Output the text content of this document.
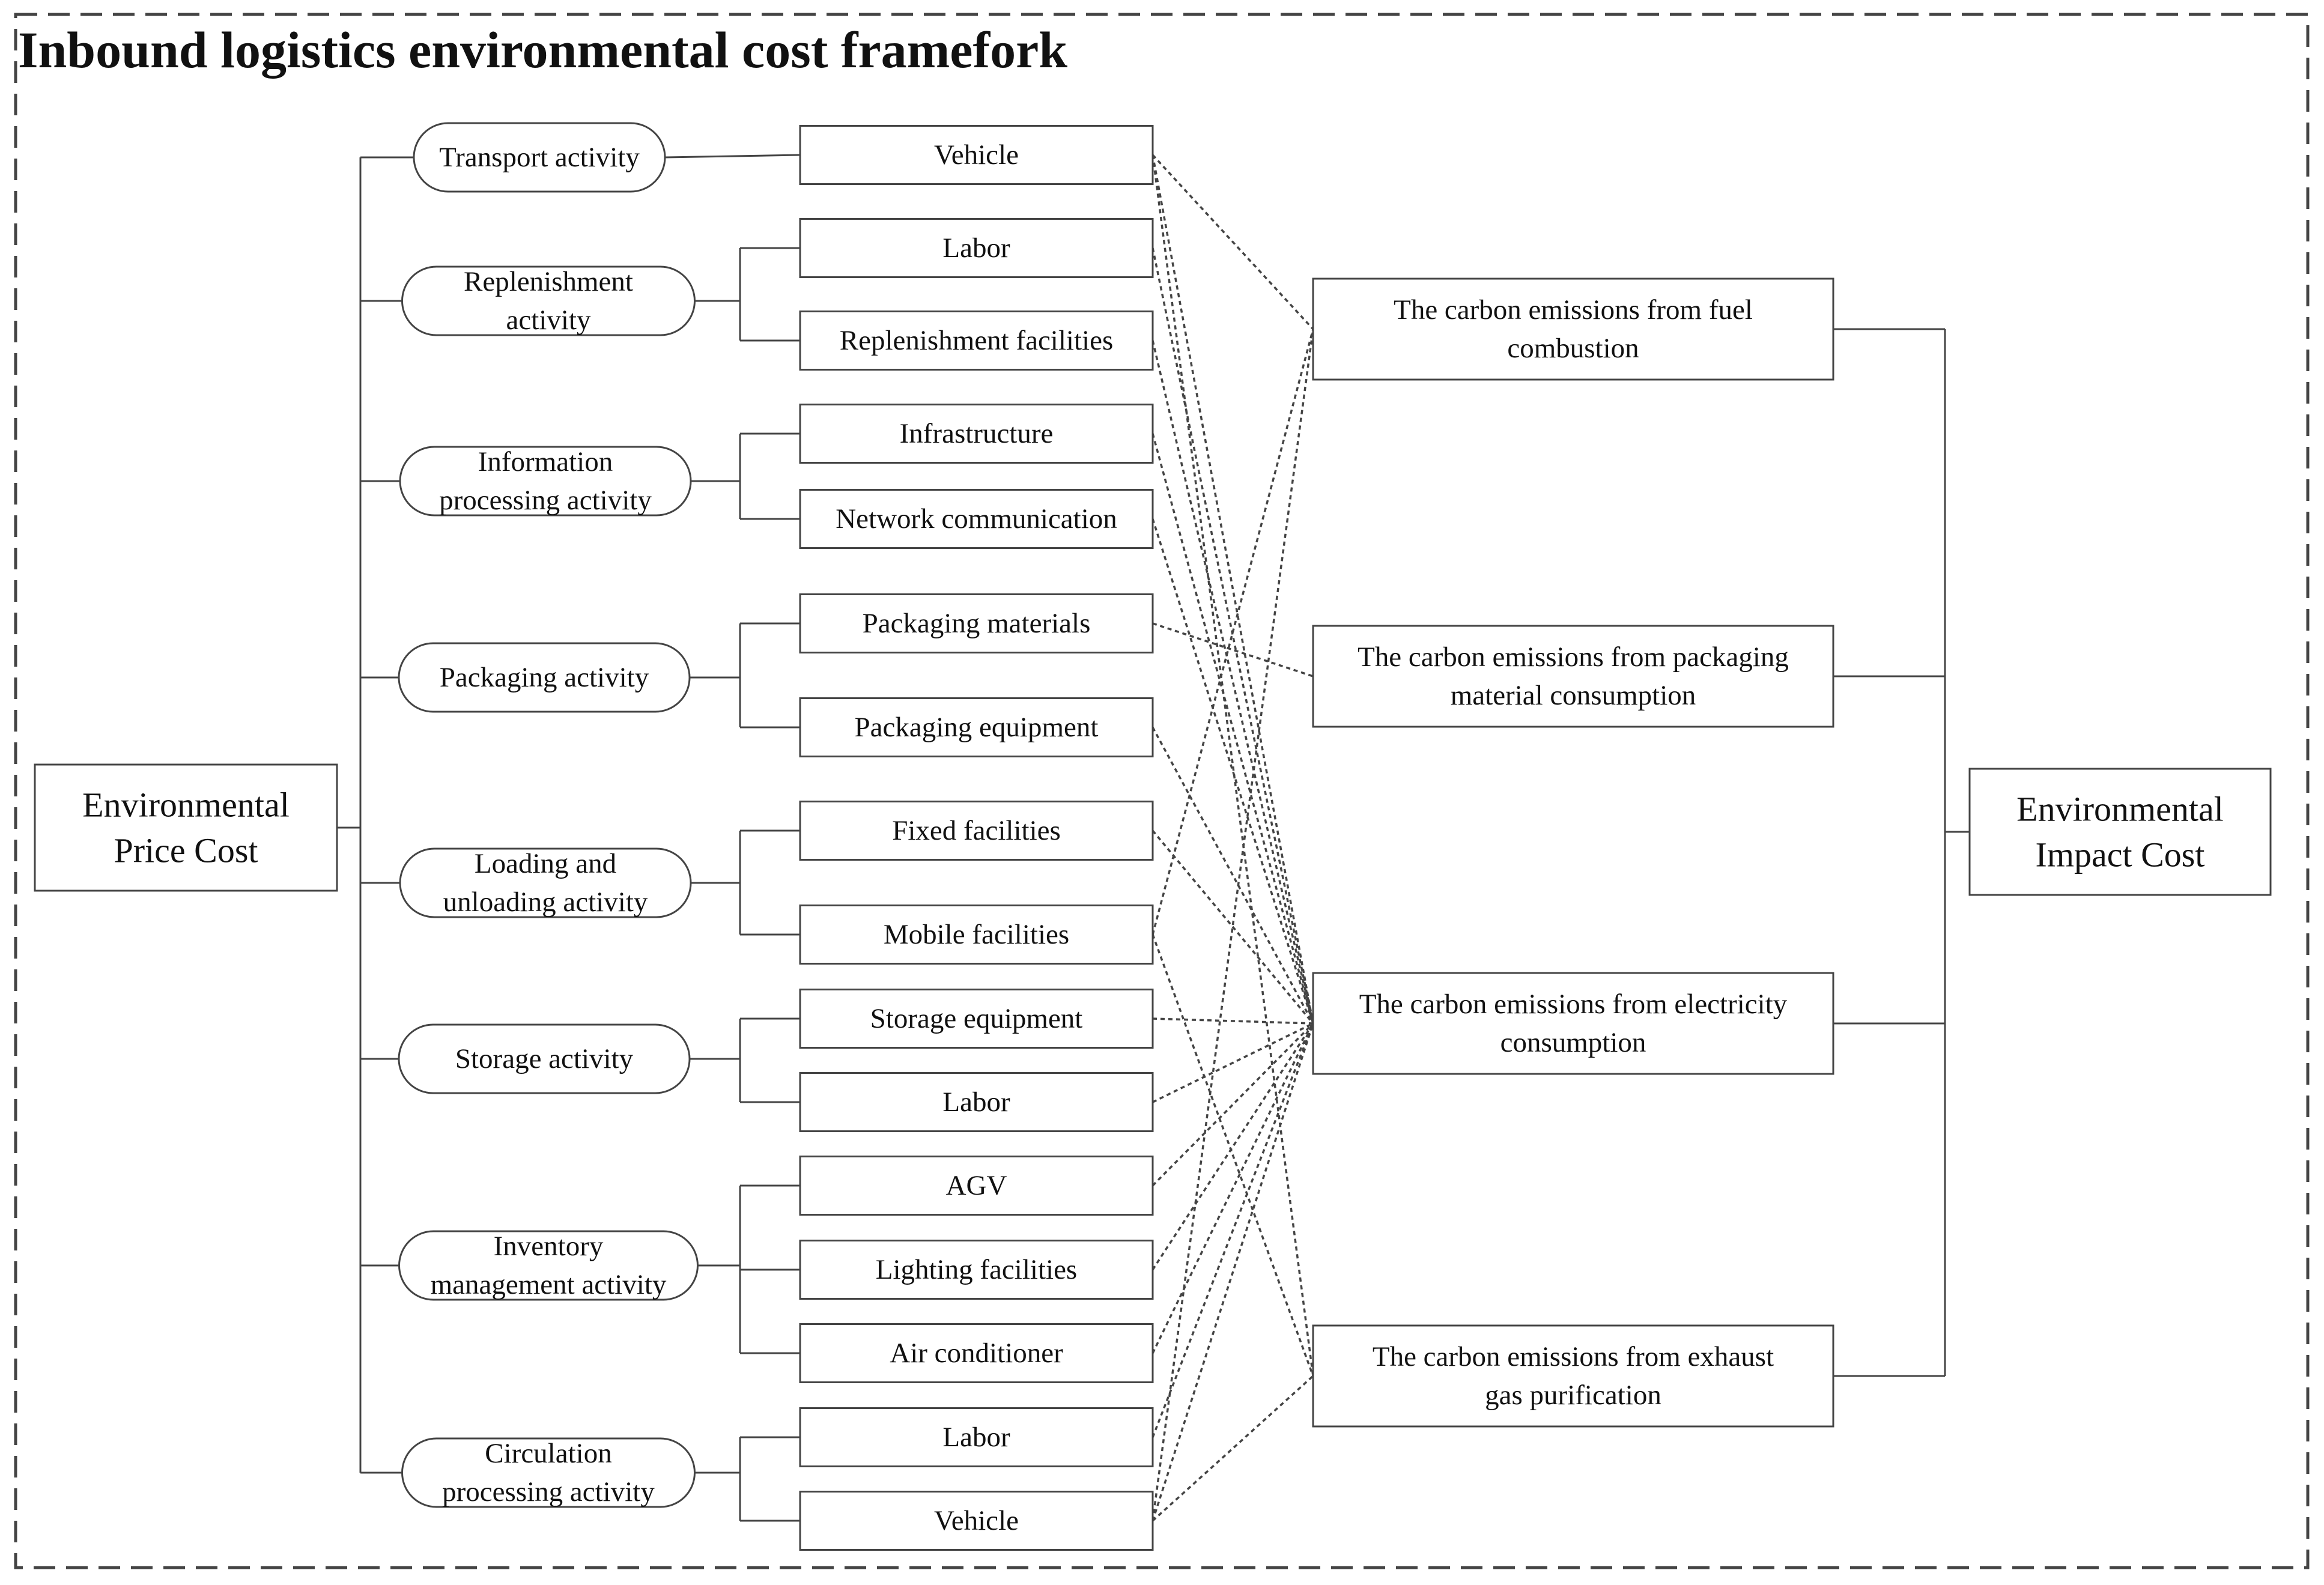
Inbound logistics environmental cost framefork
Environmental
Price Cost
Environmental
Impact Cost
Transport activity
Replenishment
activity
Information
processing activity
Packaging activity
Loading and
unloading activity
Storage activity
Inventory
management activity
Circulation
processing activity
Vehicle
Labor
Replenishment facilities
Infrastructure
Network communication
Packaging materials
Packaging equipment
Fixed facilities
Mobile facilities
Storage equipment
Labor
AGV
Lighting facilities
Air conditioner
Labor
Vehicle
The carbon emissions from fuel
combustion
The carbon emissions from packaging
material consumption
The carbon emissions from electricity
consumption
The carbon emissions from exhaust
gas purification
